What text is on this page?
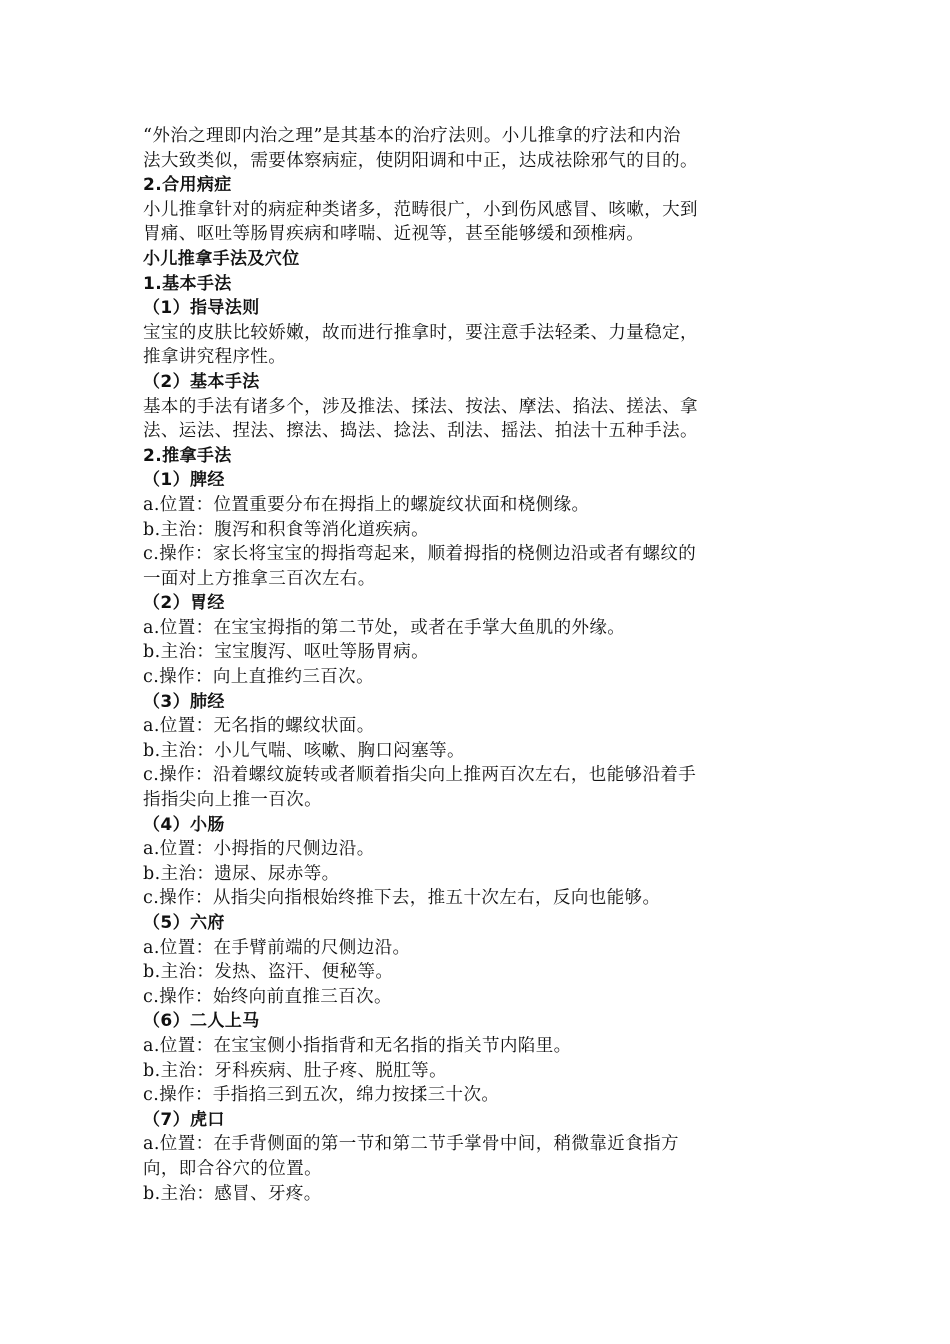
“外治之理即内治之理”是其基本的治疗法则。小儿推拿的疗法和内治

法大致类似，需要体察病症，使阴阳调和中正，达成祛除邪气的目的。

2.合用病症

小儿推拿针对的病症种类诸多，范畴很广，小到伤风感冒、咳嗽，大到

胃痛、呕吐等肠胃疾病和哮喘、近视等，甚至能够缓和颈椎病。

小儿推拿手法及穴位

1.基本手法

（1）指导法则

宝宝的皮肤比较娇嫩，故而进行推拿时，要注意手法轻柔、力量稳定，

推拿讲究程序性。

（2）基本手法

基本的手法有诸多个，涉及推法、揉法、按法、摩法、掐法、搓法、拿

法、运法、捏法、擦法、捣法、捻法、刮法、摇法、拍法十五种手法。

2.推拿手法

（1）脾经

a.位置：位置重要分布在拇指上的螺旋纹状面和桡侧缘。

b.主治：腹泻和积食等消化道疾病。

c.操作：家长将宝宝的拇指弯起来，顺着拇指的桡侧边沿或者有螺纹的

一面对上方推拿三百次左右。

（2）胃经

a.位置：在宝宝拇指的第二节处，或者在手掌大鱼肌的外缘。

b.主治：宝宝腹泻、呕吐等肠胃病。

c.操作：向上直推约三百次。

（3）肺经

a.位置：无名指的螺纹状面。

b.主治：小儿气喘、咳嗽、胸口闷塞等。

c.操作：沿着螺纹旋转或者顺着指尖向上推两百次左右，也能够沿着手

指指尖向上推一百次。

（4）小肠

a.位置：小拇指的尺侧边沿。

b.主治：遗尿、尿赤等。

c.操作：从指尖向指根始终推下去，推五十次左右，反向也能够。

（5）六府

a.位置：在手臂前端的尺侧边沿。

b.主治：发热、盗汗、便秘等。

c.操作：始终向前直推三百次。

（6）二人上马

a.位置：在宝宝侧小指指背和无名指的指关节内陷里。

b.主治：牙科疾病、肚子疼、脱肛等。

c.操作：手指掐三到五次，绵力按揉三十次。

（7）虎口

a.位置：在手背侧面的第一节和第二节手掌骨中间，稍微靠近食指方

向，即合谷穴的位置。

b.主治：感冒、牙疼。
